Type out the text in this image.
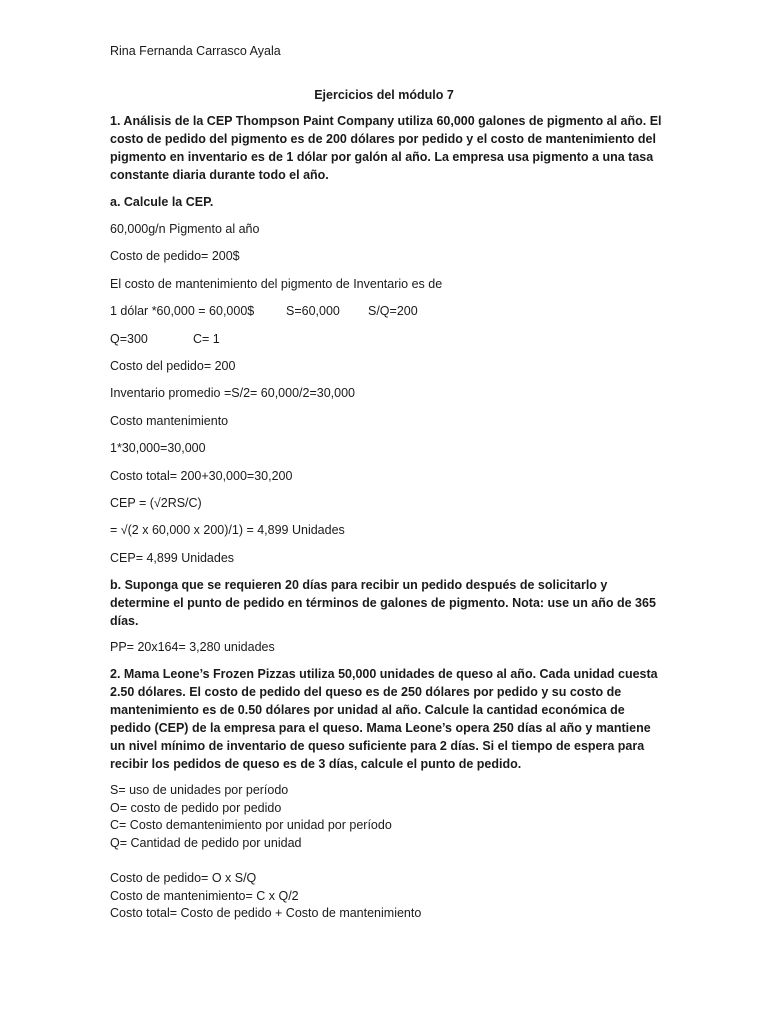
Rina Fernanda Carrasco Ayala
Ejercicios del módulo 7
1. Análisis de la CEP Thompson Paint Company utiliza 60,000 galones de pigmento al año. El
costo de pedido del pigmento es de 200 dólares por pedido y el costo de mantenimiento del
pigmento en inventario es de 1 dólar por galón al año. La empresa usa pigmento a una tasa
constante diaria durante todo el año.
a. Calcule la CEP.
60,000g/n Pigmento al año
Costo de pedido= 200$
El costo de mantenimiento del pigmento de Inventario es de
1 dólar *60,000 = 60,000$	S=60,000 S/Q=200
Q=300	C= 1
Costo del pedido= 200
Inventario promedio =S/2= 60,000/2=30,000
Costo mantenimiento
1*30,000=30,000
Costo total= 200+30,000=30,200
CEP = (√2RS/C)
= √(2 x 60,000 x 200)/1) = 4,899 Unidades
CEP= 4,899 Unidades
b. Suponga que se requieren 20 días para recibir un pedido después de solicitarlo y
determine el punto de pedido en términos de galones de pigmento. Nota: use un año de 365
días.
PP= 20x164= 3,280 unidades
2. Mama Leone’s Frozen Pizzas utiliza 50,000 unidades de queso al año. Cada unidad cuesta
2.50 dólares. El costo de pedido del queso es de 250 dólares por pedido y su costo de
mantenimiento es de 0.50 dólares por unidad al año. Calcule la cantidad económica de
pedido (CEP) de la empresa para el queso. Mama Leone’s opera 250 días al año y mantiene
un nivel mínimo de inventario de queso suficiente para 2 días. Si el tiempo de espera para
recibir los pedidos de queso es de 3 días, calcule el punto de pedido.
S= uso de unidades por período
O= costo de pedido por pedido
C= Costo demantenimiento por unidad por período
Q= Cantidad de pedido por unidad
Costo de pedido= O x S/Q
Costo de mantenimiento= C x Q/2
Costo total= Costo de pedido + Costo de mantenimiento
